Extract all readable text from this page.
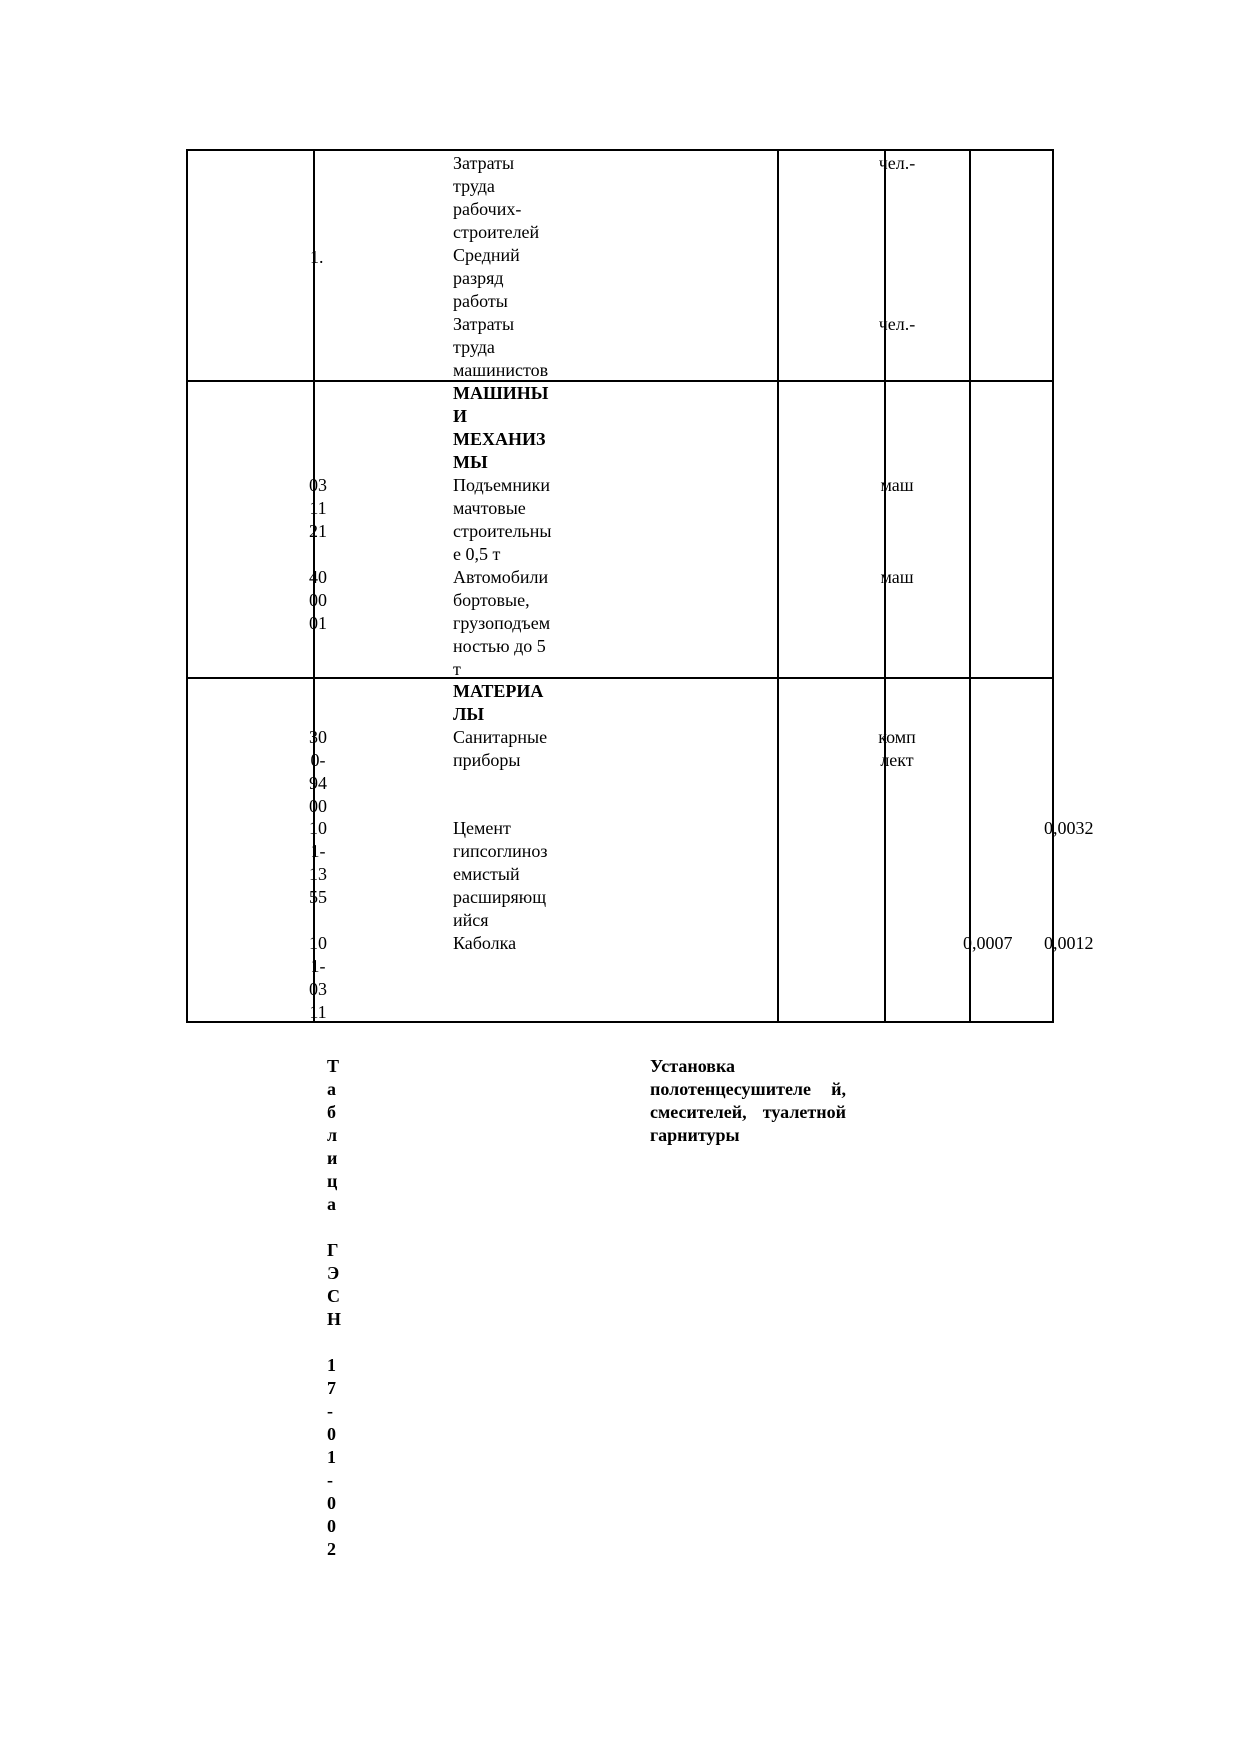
1.
Затраты
труда
рабочих-
строителей
чел.-
Средний
разряд
работы
Затраты
труда
машинистов
чел.-
МАШИНЫ
И
МЕХАНИЗ
МЫ
03
11
21
Подъемники
мачтовые
строительны
е 0,5 т
маш
40
00
01
Автомобили
бортовые,
грузоподъем
ностью до 5
т
маш
МАТЕРИА
ЛЫ
30
0-
94
00
Санитарные
приборы
комп
лект
10
1-
13
55
Цемент
гипсоглиноз
емистый
расширяющ
ийся
0,0032
10
1-
03
11
Каболка	0,0007 0,0012
Т
а
б
л
и
ц
а
Г
Э
С
Н
1
7
-
0
1
-
0
0
2
Установка полотенцесушителе й, смесителей, туалетной гарнитуры
